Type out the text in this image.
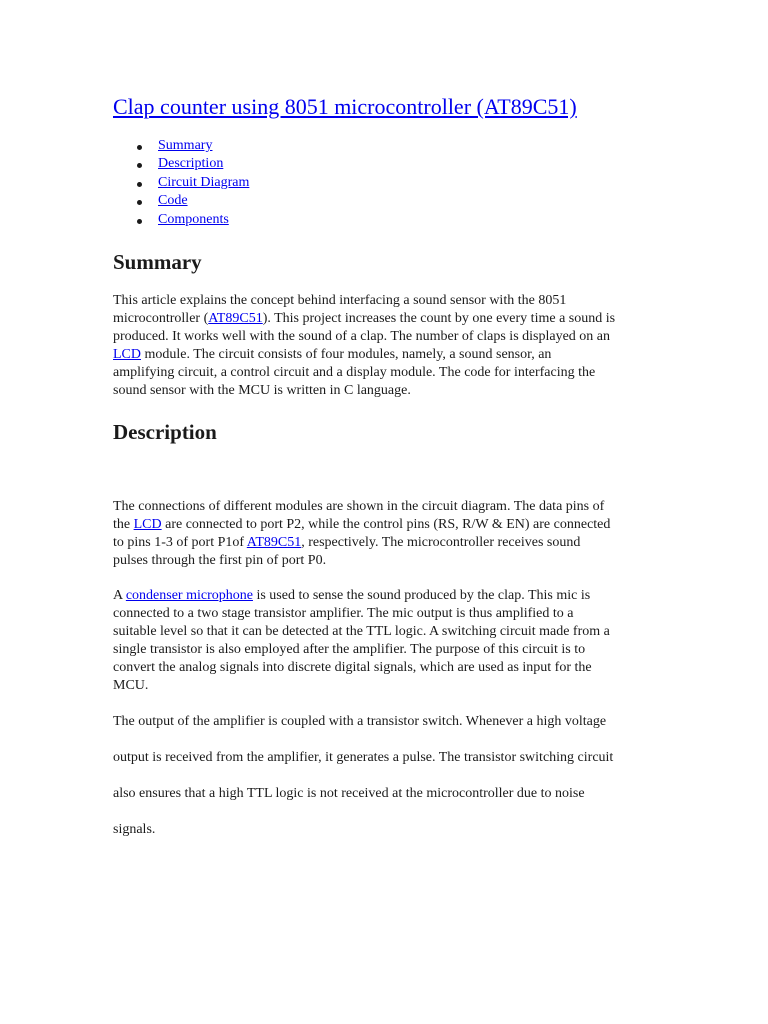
Clap counter using 8051 microcontroller (AT89C51)
Summary
Description
Circuit Diagram
Code
Components
Summary

This article explains the concept behind interfacing a sound sensor with the 8051
microcontroller (AT89C51). This project increases the count by one every time a sound is
produced. It works well with the sound of a clap. The number of claps is displayed on an
LCD module. The circuit consists of four modules, namely, a sound sensor, an
amplifying circuit, a control circuit and a display module. The code for interfacing the
sound sensor with the MCU is written in C language.

Description

The connections of different modules are shown in the circuit diagram. The data pins of
the LCD are connected to port P2, while the control pins (RS, R/W & EN) are connected
to pins 1-3 of port P1of AT89C51, respectively. The microcontroller receives sound
pulses through the first pin of port P0.

A condenser microphone is used to sense the sound produced by the clap. This mic is
connected to a two stage transistor amplifier. The mic output is thus amplified to a
suitable level so that it can be detected at the TTL logic. A switching circuit made from a
single transistor is also employed after the amplifier. The purpose of this circuit is to
convert the analog signals into discrete digital signals, which are used as input for the
MCU.

The output of the amplifier is coupled with a transistor switch. Whenever a high voltage
output is received from the amplifier, it generates a pulse. The transistor switching circuit
also ensures that a high TTL logic is not received at the microcontroller due to noise
signals.
